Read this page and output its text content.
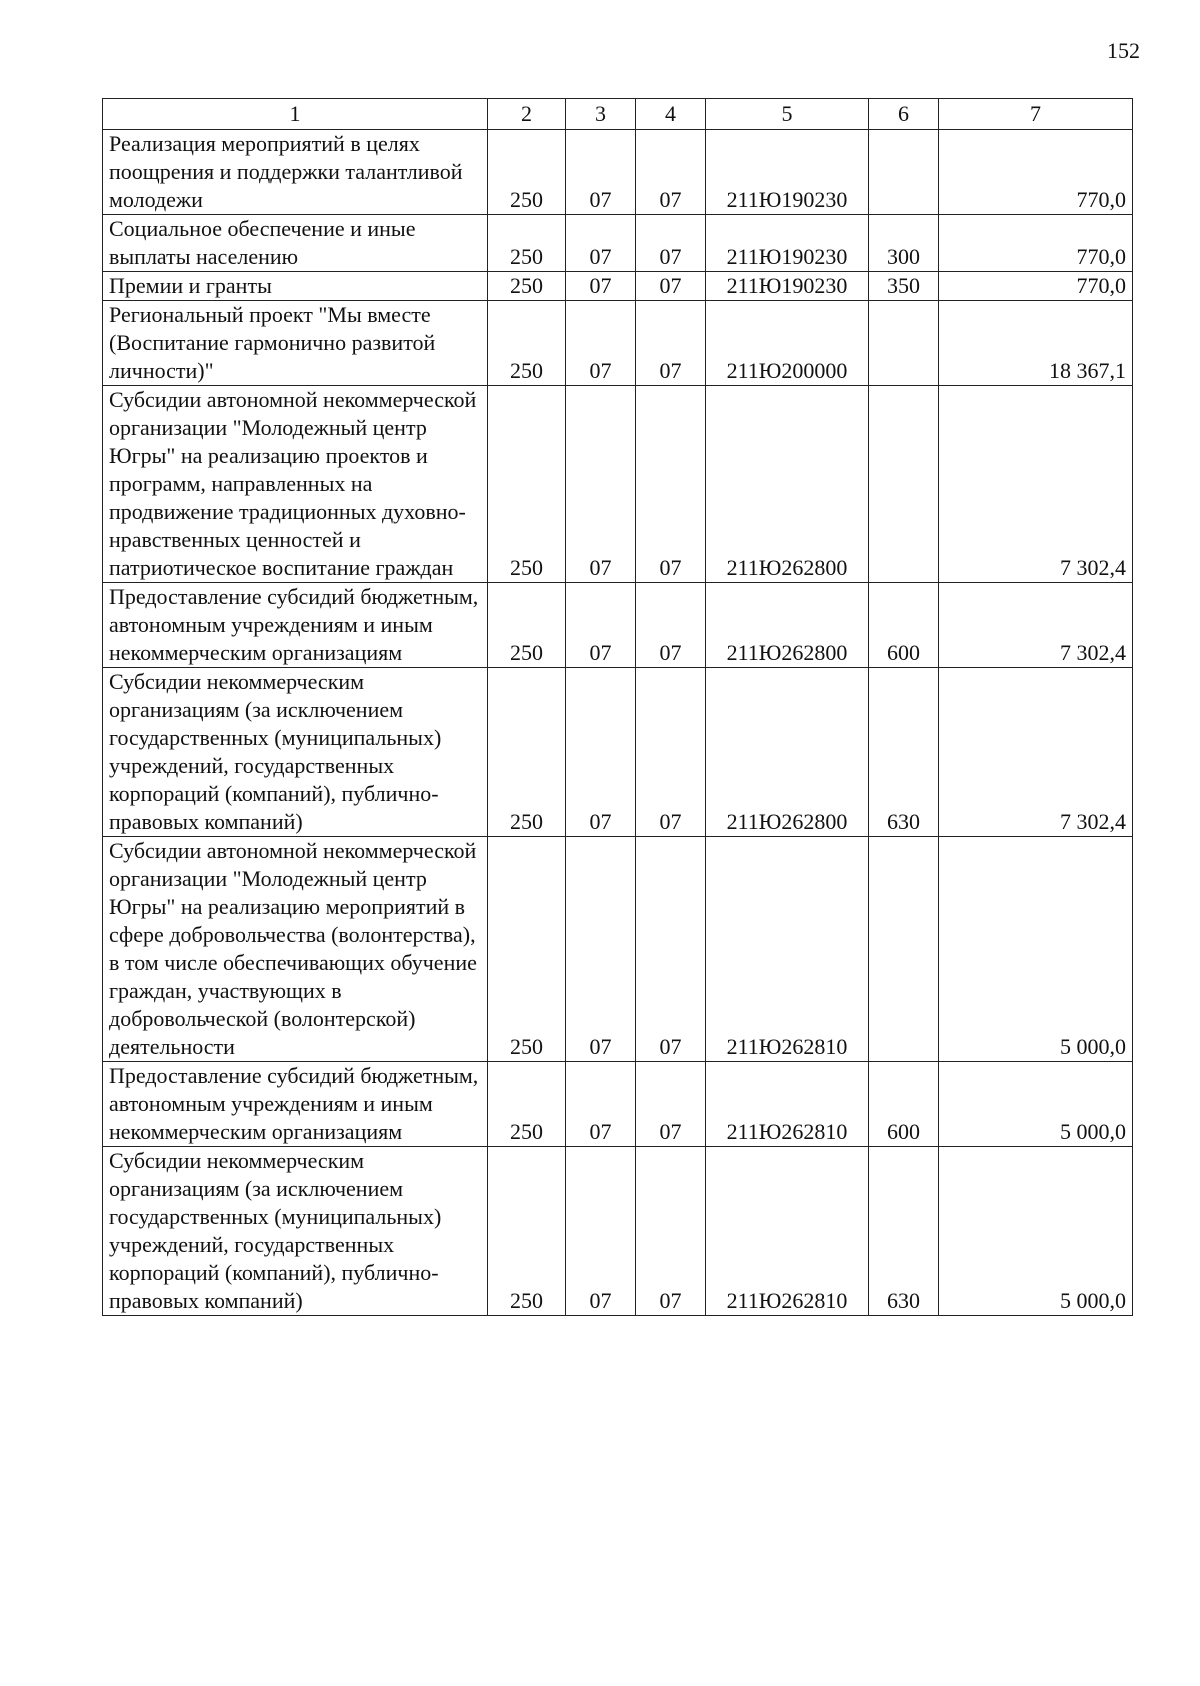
152
1	2	3	4	5	6	7
Реализация мероприятий в целях поощрения и поддержки талантливой молодежи	250	07	07	211Ю190230		770,0
Социальное обеспечение и иные выплаты населению	250	07	07	211Ю190230	300	770,0
Премии и гранты	250	07	07	211Ю190230	350	770,0
Региональный проект "Мы вместе (Воспитание гармонично развитой личности)"	250	07	07	211Ю200000		18 367,1
Субсидии автономной некоммерческой организации "Молодежный центр Югры" на реализацию проектов и программ, направленных на продвижение традиционных духовно-нравственных ценностей и патриотическое воспитание граждан	250	07	07	211Ю262800		7 302,4
Предоставление субсидий бюджетным, автономным учреждениям и иным некоммерческим организациям	250	07	07	211Ю262800	600	7 302,4
Субсидии некоммерческим организациям (за исключением государственных (муниципальных) учреждений, государственных корпораций (компаний), публично-правовых компаний)	250	07	07	211Ю262800	630	7 302,4
Субсидии автономной некоммерческой организации "Молодежный центр Югры" на реализацию мероприятий в сфере добровольчества (волонтерства), в том числе обеспечивающих обучение граждан, участвующих в добровольческой (волонтерской) деятельности	250	07	07	211Ю262810		5 000,0
Предоставление субсидий бюджетным, автономным учреждениям и иным некоммерческим организациям	250	07	07	211Ю262810	600	5 000,0
Субсидии некоммерческим организациям (за исключением государственных (муниципальных) учреждений, государственных корпораций (компаний), публично-правовых компаний)	250	07	07	211Ю262810	630	5 000,0
